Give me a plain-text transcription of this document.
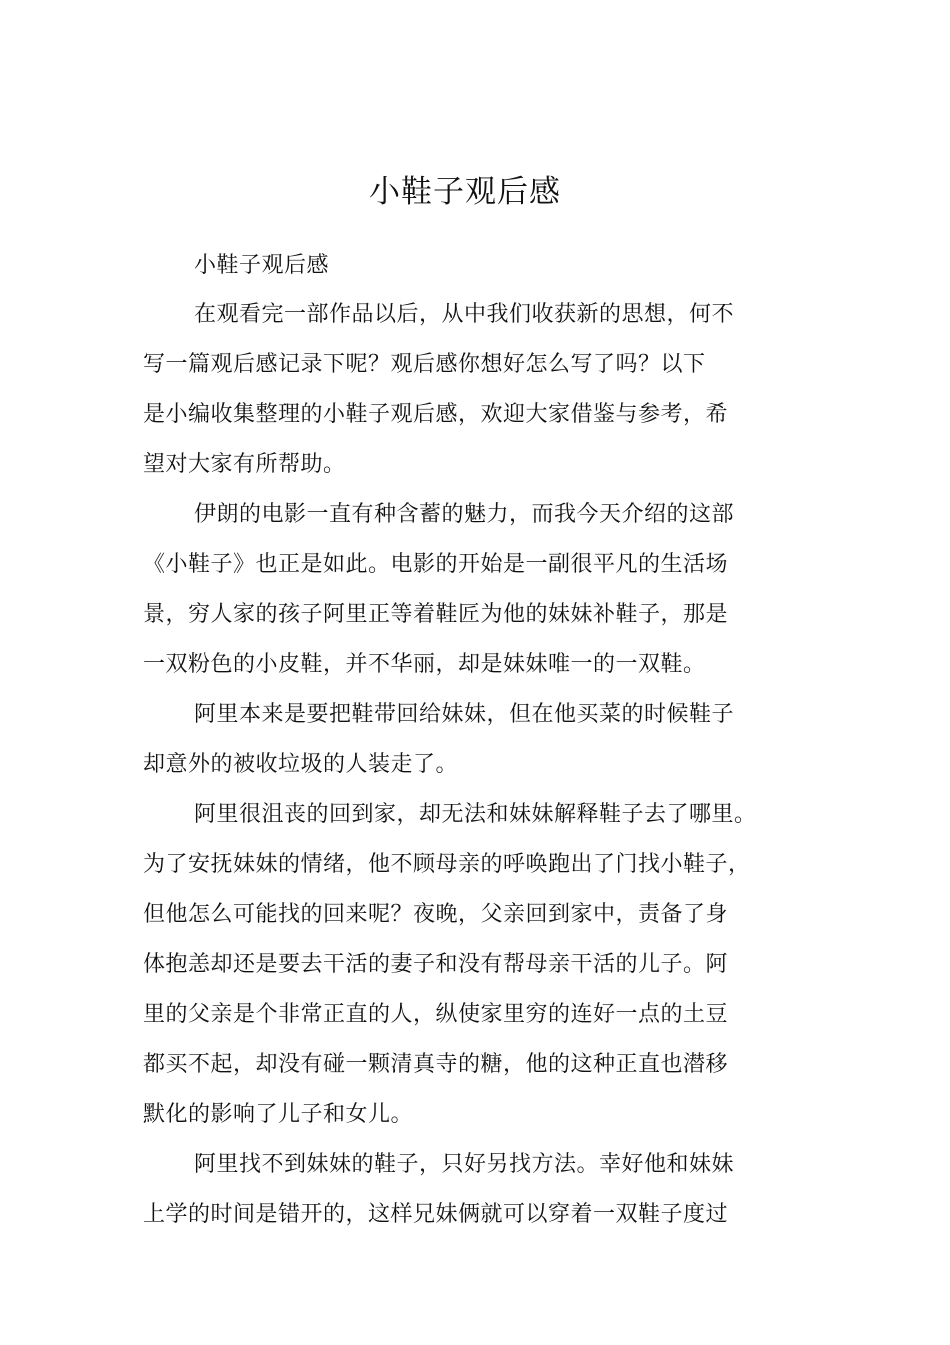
小鞋子观后感

小鞋子观后感

在观看完一部作品以后，从中我们收获新的思想，何不

写一篇观后感记录下呢？观后感你想好怎么写了吗？以下

是小编收集整理的小鞋子观后感，欢迎大家借鉴与参考，希

望对大家有所帮助。

伊朗的电影一直有种含蓄的魅力，而我今天介绍的这部

《小鞋子》也正是如此。电影的开始是一副很平凡的生活场

景，穷人家的孩子阿里正等着鞋匠为他的妹妹补鞋子，那是

一双粉色的小皮鞋，并不华丽，却是妹妹唯一的一双鞋。

阿里本来是要把鞋带回给妹妹，但在他买菜的时候鞋子

却意外的被收垃圾的人装走了。

阿里很沮丧的回到家，却无法和妹妹解释鞋子去了哪里。

为了安抚妹妹的情绪，他不顾母亲的呼唤跑出了门找小鞋子，

但他怎么可能找的回来呢？夜晚，父亲回到家中，责备了身

体抱恙却还是要去干活的妻子和没有帮母亲干活的儿子。阿

里的父亲是个非常正直的人，纵使家里穷的连好一点的土豆

都买不起，却没有碰一颗清真寺的糖，他的这种正直也潜移

默化的影响了儿子和女儿。

阿里找不到妹妹的鞋子，只好另找方法。幸好他和妹妹

上学的时间是错开的，这样兄妹俩就可以穿着一双鞋子度过
